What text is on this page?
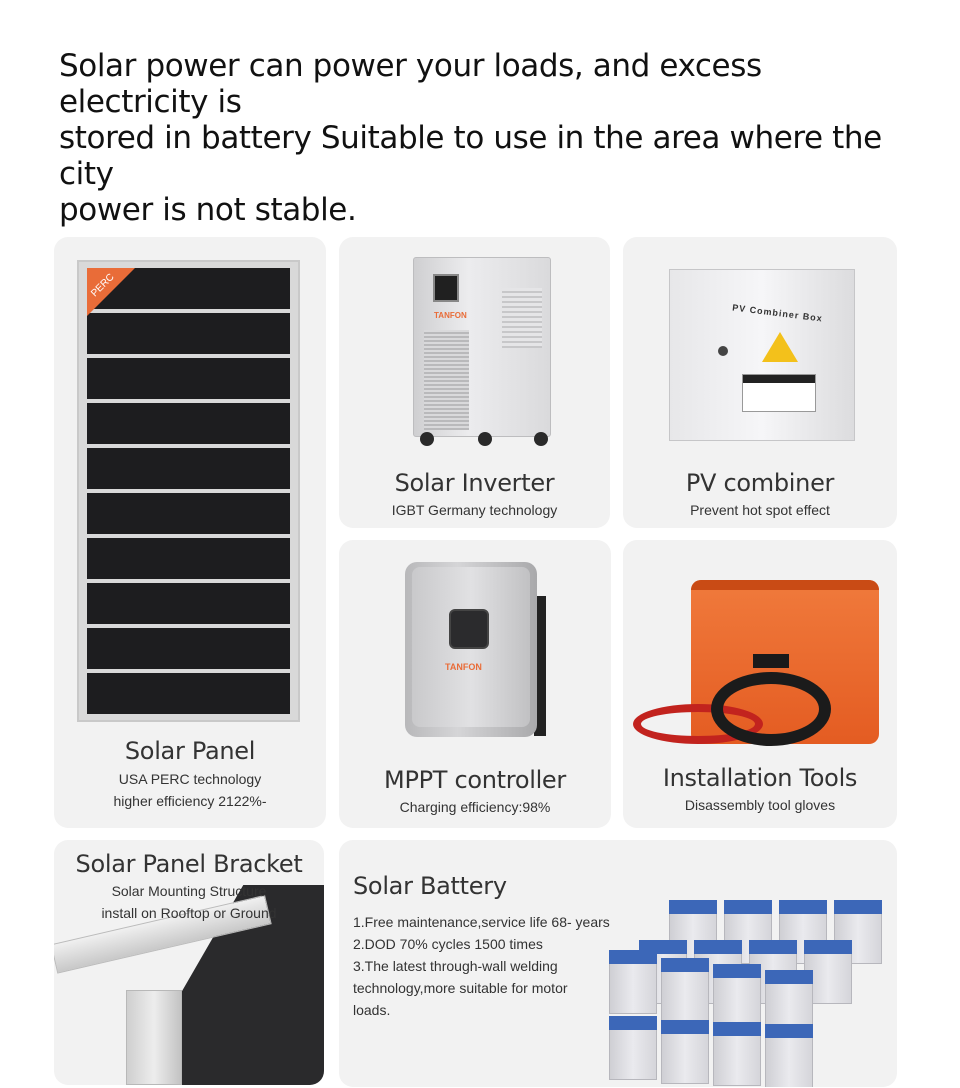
Solar power can power your loads, and excess electricity is
stored in battery Suitable to use in the area where the city
power is not stable.
PERC
Solar Panel
USA PERC technology
higher efficiency 2122%-
TANFON
Solar Inverter
IGBT Germany technology
PV Combiner Box
PV combiner
Prevent hot spot effect
TANFON
MPPT controller
Charging efficiency:98%
Installation Tools
Disassembly tool gloves
Solar Panel Bracket
Solar Mounting Structure
install on Rooftop or Ground
Solar Battery
1.Free maintenance,service life 68- years
2.DOD 70% cycles 1500 times
3.The latest through-wall welding
technology,more suitable for motor
loads.
